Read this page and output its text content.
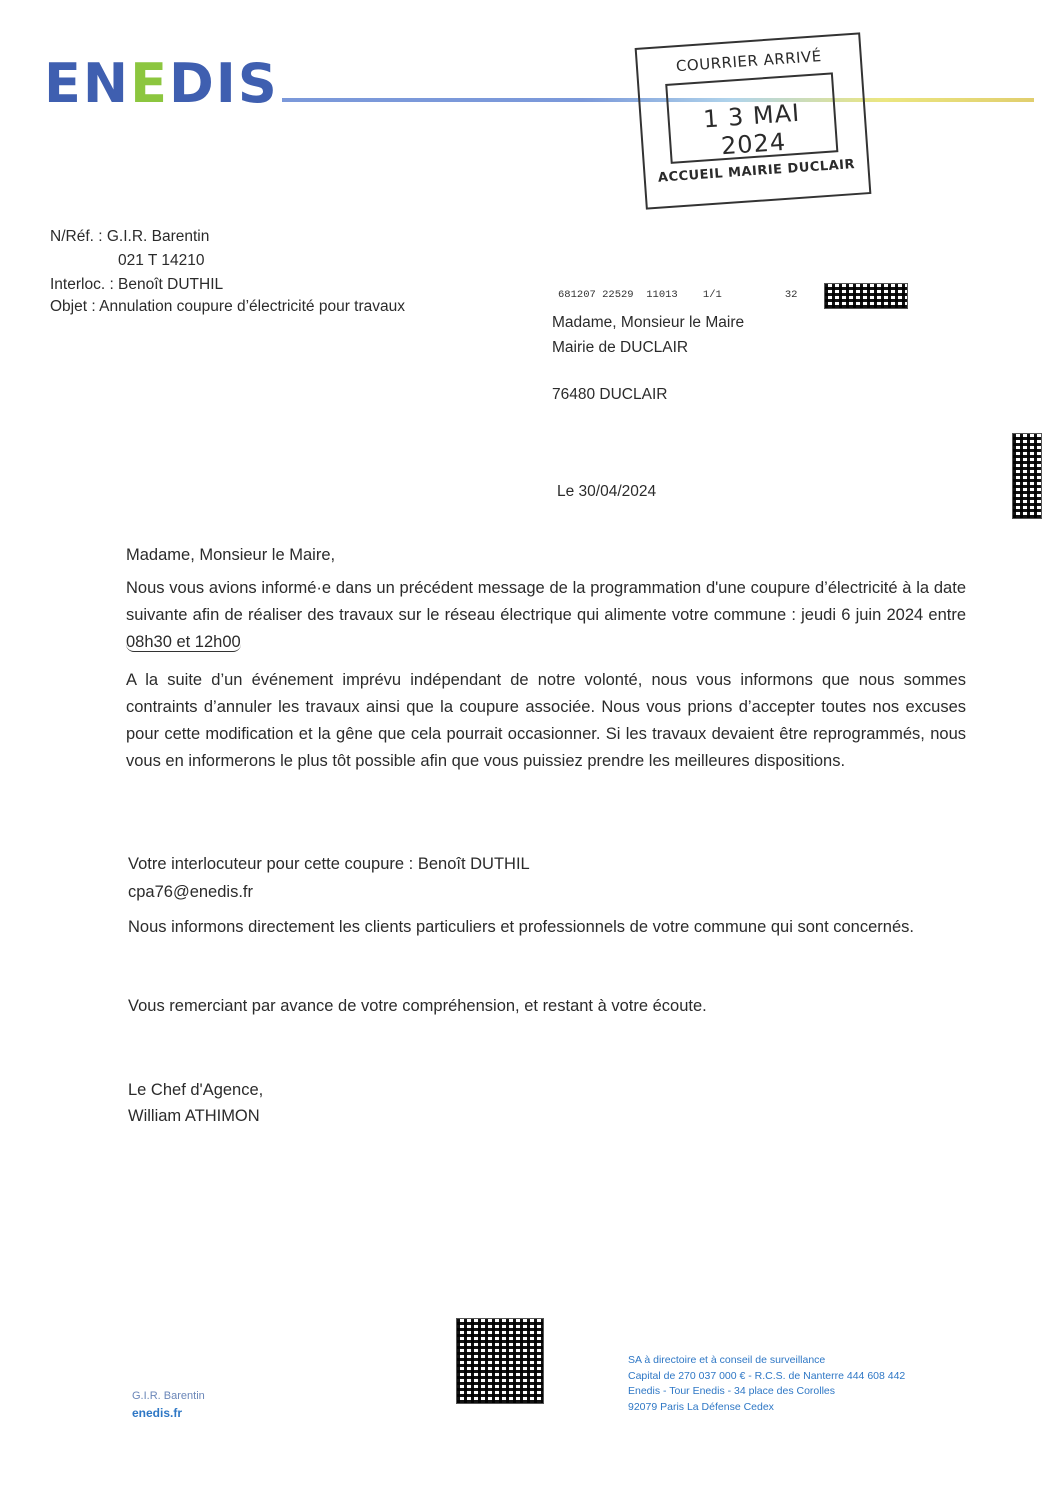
ENEDIS	COURRIER ARRIVÉ
1 3 MAI 2024
ACCUEIL MAIRIE DUCLAIR
N/Réf. : G.I.R. Barentin
021 T 14210
Interloc. : Benoît DUTHIL
Objet : Annulation coupure d’électricité pour travaux
681207 22529  11013    1/1          32
Madame, Monsieur le Maire
Mairie de DUCLAIR
76480 DUCLAIR
Le 30/04/2024
Madame, Monsieur le Maire,
Nous vous avions informé·e dans un précédent message de la programmation d'une coupure d’électricité à la date suivante afin de réaliser des travaux sur le réseau électrique qui alimente votre commune : jeudi 6 juin 2024 entre 08h30 et 12h00
A la suite d’un événement imprévu indépendant de notre volonté, nous vous informons que nous sommes contraints d’annuler les travaux ainsi que la coupure associée. Nous vous prions d’accepter toutes nos excuses pour cette modification et la gêne que cela pourrait occasionner. Si les travaux devaient être reprogrammés, nous vous en informerons le plus tôt possible afin que vous puissiez prendre les meilleures dispositions.
Votre interlocuteur pour cette coupure : Benoît DUTHIL
cpa76@enedis.fr
Nous informons directement les clients particuliers et professionnels de votre commune qui sont concernés.
Vous remerciant par avance de votre compréhension, et restant à votre écoute.
Le Chef d'Agence,
William ATHIMON
G.I.R. Barentin
enedis.fr
SA à directoire et à conseil de surveillance
Capital de 270 037 000 € - R.C.S. de Nanterre 444 608 442
Enedis - Tour Enedis - 34 place des Corolles
92079 Paris La Défense Cedex
